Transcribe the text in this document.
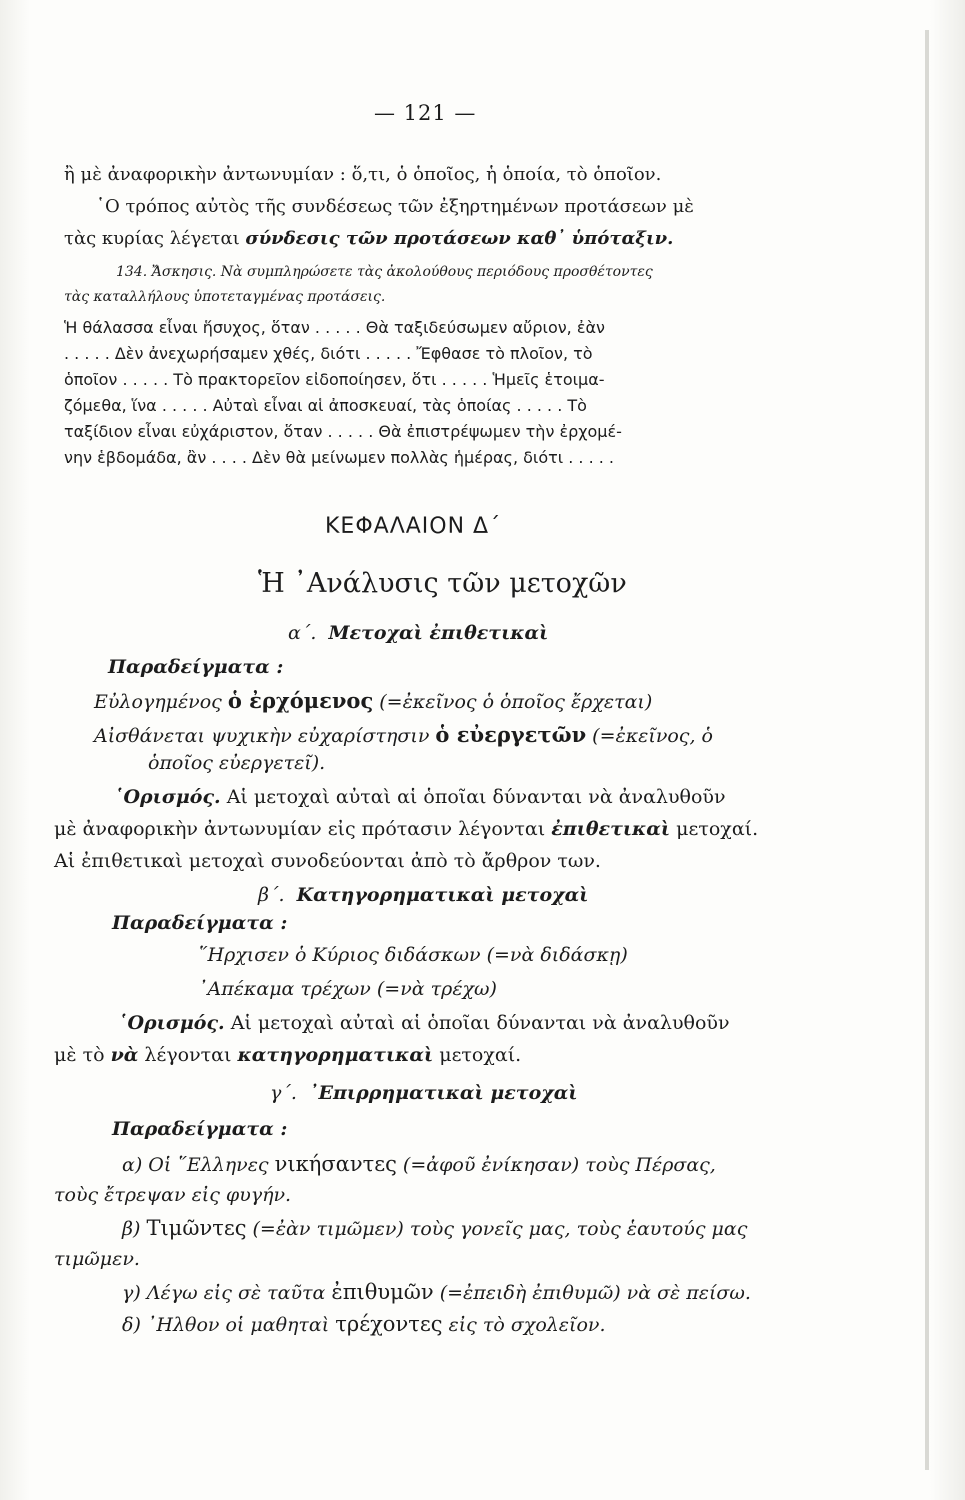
— 121 —
ἢ μὲ ἀναφορικὴν ἀντωνυμίαν : ὅ,τι, ὁ ὁποῖος, ἡ ὁποία, τὸ ὁποῖον.
῾Ο τρόπος αὐτὸς τῆς συνδέσεως τῶν ἐξηρτημένων προτάσεων μὲ
τὰς κυρίας λέγεται σύνδεσις τῶν προτάσεων καθ᾽ ὑπόταξιν.
134. Ἄσκησις. Νὰ συμπληρώσετε τὰς ἀκολούθους περιόδους προσθέτοντες
τὰς καταλλήλους ὑποτεταγμένας προτάσεις.
Ἡ θάλασσα εἶναι ἥσυχος, ὅταν . . . . . Θὰ ταξιδεύσωμεν αὔριον, ἐὰν
. . . . . Δὲν ἀνεχωρήσαμεν χθές, διότι . . . . . Ἔφθασε τὸ πλοῖον, τὸ
ὁποῖον . . . . . Τὸ πρακτορεῖον εἰδοποίησεν, ὅτι . . . . . Ἡμεῖς ἑτοιμα-
ζόμεθα, ἵνα . . . . . Αὐταὶ εἶναι αἱ ἀποσκευαί, τὰς ὁποίας . . . . . Τὸ
ταξίδιον εἶναι εὐχάριστον, ὅταν . . . . . Θὰ ἐπιστρέψωμεν τὴν ἐρχομέ-
νην ἑβδομάδα, ἂν . . . . Δὲν θὰ μείνωμεν πολλὰς ἡμέρας, διότι . . . . .
ΚΕΦΑΛΑΙΟΝ Δ΄
Ἡ ᾽Ανάλυσις τῶν μετοχῶν
α΄. Μετοχαὶ ἐπιθετικαὶ
Παραδείγματα :
Εὐλογημένος ὁ ἐρχόμενος (=ἐκεῖνος ὁ ὁποῖος ἔρχεται)
Αἰσθάνεται ψυχικὴν εὐχαρίστησιν ὁ εὐεργετῶν (=ἐκεῖνος, ὁ
ὁποῖος εὐεργετεῖ).
῾Ορισμός. Αἱ μετοχαὶ αὐταὶ αἱ ὁποῖαι δύνανται νὰ ἀναλυθοῦν
μὲ ἀναφορικὴν ἀντωνυμίαν εἰς πρότασιν λέγονται ἐπιθετικαὶ μετοχαί.
Αἱ ἐπιθετικαὶ μετοχαὶ συνοδεύονται ἀπὸ τὸ ἄρθρον των.
β΄. Κατηγορηματικαὶ μετοχαὶ
Παραδείγματα :
῞Ηρχισεν ὁ Κύριος διδάσκων (=νὰ διδάσκῃ)
᾽Απέκαμα τρέχων (=νὰ τρέχω)
῾Ορισμός. Αἱ μετοχαὶ αὐταὶ αἱ ὁποῖαι δύνανται νὰ ἀναλυθοῦν
μὲ τὸ νὰ λέγονται κατηγορηματικαὶ μετοχαί.
γ΄. ᾽Επιρρηματικαὶ μετοχαὶ
Παραδείγματα :
α) Οἱ ῞Ελληνες νικήσαντες (=ἀφοῦ ἐνίκησαν) τοὺς Πέρσας,
τοὺς ἔτρεψαν εἰς φυγήν.
β) Τιμῶντες (=ἐὰν τιμῶμεν) τοὺς γονεῖς μας, τοὺς ἑαυτούς μας
τιμῶμεν.
γ) Λέγω εἰς σὲ ταῦτα ἐπιθυμῶν (=ἐπειδὴ ἐπιθυμῶ) νὰ σὲ πείσω.
δ) ᾽Ηλθον οἱ μαθηταὶ τρέχοντες εἰς τὸ σχολεῖον.
